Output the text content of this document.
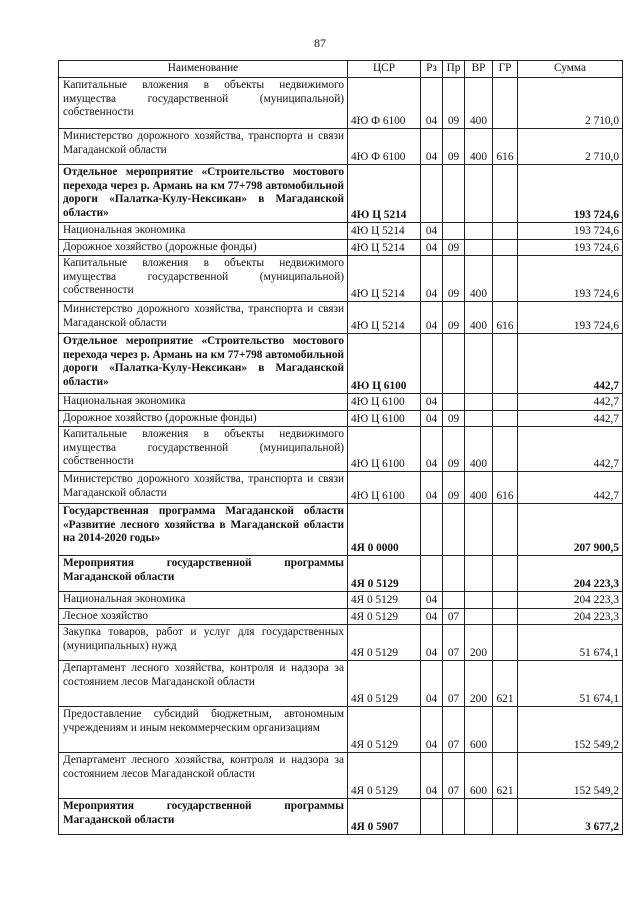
87
Наименование	ЦСР	Рз	Пр	ВР	ГР	Сумма
Капитальные вложения в объекты недвижимого имущества государственной (муниципальной) собственности	4Ю Ф 6100	04	09	400		2 710,0
Министерство дорожного хозяйства, транспорта и связи Магаданской области	4Ю Ф 6100	04	09	400	616	2 710,0
Отдельное мероприятие «Строительство мостового перехода через р. Армань на км 77+798 автомобильной дороги «Палатка-Кулу-Нексикан» в Магаданской области»	4Ю Ц 5214					193 724,6
Национальная экономика	4Ю Ц 5214	04				193 724,6
Дорожное хозяйство (дорожные фонды)	4Ю Ц 5214	04	09			193 724,6
Капитальные вложения в объекты недвижимого имущества государственной (муниципальной) собственности	4Ю Ц 5214	04	09	400		193 724,6
Министерство дорожного хозяйства, транспорта и связи Магаданской области	4Ю Ц 5214	04	09	400	616	193 724,6
Отдельное мероприятие «Строительство мостового перехода через р. Армань на км 77+798 автомобильной дороги «Палатка-Кулу-Нексикан» в Магаданской области»	4Ю Ц 6100					442,7
Национальная экономика	4Ю Ц 6100	04				442,7
Дорожное хозяйство (дорожные фонды)	4Ю Ц 6100	04	09			442,7
Капитальные вложения в объекты недвижимого имущества государственной (муниципальной) собственности	4Ю Ц 6100	04	09	400		442,7
Министерство дорожного хозяйства, транспорта и связи Магаданской области	4Ю Ц 6100	04	09	400	616	442,7
Государственная программа Магаданской области «Развитие лесного хозяйства в Магаданской области на 2014-2020 годы»	4Я 0 0000					207 900,5
Мероприятия государственной программы Магаданской области	4Я 0 5129					204 223,3
Национальная экономика	4Я 0 5129	04				204 223,3
Лесное хозяйство	4Я 0 5129	04	07			204 223,3
Закупка товаров, работ и услуг для государственных (муниципальных) нужд	4Я 0 5129	04	07	200		51 674,1
Департамент лесного хозяйства, контроля и надзора за состоянием лесов Магаданской области	4Я 0 5129	04	07	200	621	51 674,1
Предоставление субсидий бюджетным, автономным учреждениям и иным некоммерческим организациям	4Я 0 5129	04	07	600		152 549,2
Департамент лесного хозяйства, контроля и надзора за состоянием лесов Магаданской области	4Я 0 5129	04	07	600	621	152 549,2
Мероприятия государственной программы Магаданской области	4Я 0 5907					3 677,2
